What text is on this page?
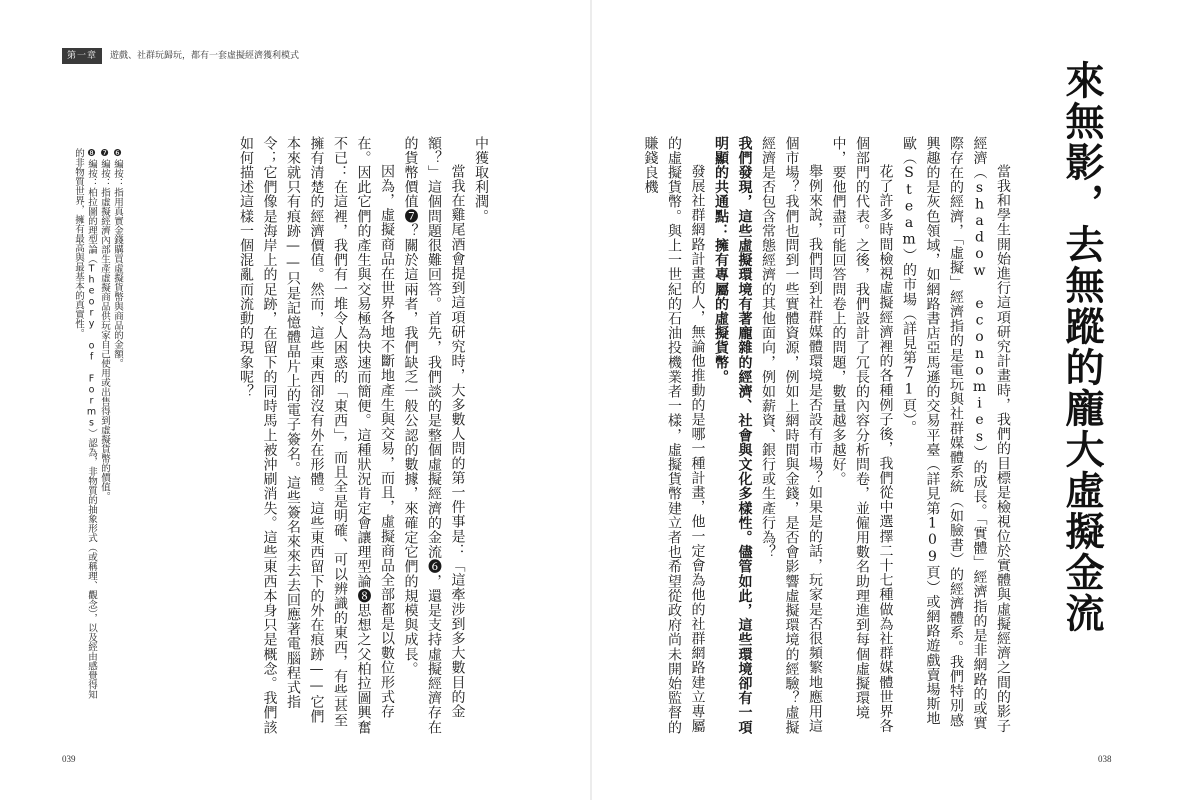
第一章	遊戲、社群玩歸玩，都有一套虛擬經濟獲利模式
來無影，去無蹤的龐大虛擬金流

當我和學生開始進行這項研究計畫時，我們的目標是檢視位於實體與虛擬經濟之間的影子經濟（shadow economies）的成長。「實體」經濟指的是非網路的或實際存在的經濟，「虛擬」經濟指的是電玩與社群媒體系統（如臉書）的經濟體系。我們特別感興趣的是灰色領域，如網路書店亞馬遜的交易平臺（詳見第109頁）或網路遊戲賣場斯地歐（Steam）的市場（詳見第71頁）。

花了許多時間檢視虛擬經濟裡的各種例子後，我們從中選擇二十七種做為社群媒體世界各個部門的代表。之後，我們設計了冗長的內容分析問卷，並僱用數名助理進到每個虛擬環境中，要他們盡可能回答問卷上的問題，數量越多越好。

舉例來說，我們問到社群媒體環境是否設有市場？如果是的話，玩家是否很頻繁地應用這個市場？我們也問到一些實體資源，例如上網時間與金錢，是否會影響虛擬環境的經驗？虛擬經濟是否包含常態經濟的其他面向，例如薪資、銀行或生產行為？

我們發現，這些虛擬環境有著龐雜的經濟、社會與文化多樣性。儘管如此，這些環境卻有一項明顯的共通點：擁有專屬的虛擬貨幣。

發展社群網路計畫的人，無論他推動的是哪一種計畫，他一定會為他的社群網路建立專屬的虛擬貨幣。與上一世紀的石油投機業者一樣，虛擬貨幣建立者也希望從政府尚未開始監督的賺錢良機

中獲取利潤。

當我在雞尾酒會提到這項研究時，大多數人問的第一件事是：「這牽涉到多大數目的金額？」這個問題很難回答。首先，我們談的是整個虛擬經濟的金流❻，還是支持虛擬經濟存在的貨幣價值❼？關於這兩者，我們缺乏一般公認的數據，來確定它們的規模與成長。

因為，虛擬商品在世界各地不斷地產生與交易，而且，虛擬商品全部都是以數位形式存在。因此它們的產生與交易極為快速而簡便。這種狀況肯定會讓理型論❽思想之父柏拉圖興奮不已：在這裡，我們有一堆令人困惑的「東西」，而且全是明確、可以辨識的東西，有些甚至擁有清楚的經濟價值。然而，這些東西卻沒有外在形體。這些東西留下的外在痕跡——它們本來就只有痕跡——只是記憶體晶片上的電子簽名。這些簽名來來去去回應著電腦程式指令；它們像是海岸上的足跡，在留下的同時馬上被沖刷消失。這些東西本身只是概念。我們該如何描述這樣一個混亂而流動的現象呢？

❻編按：指用真實金錢購買虛擬貨幣與商品的金額。

❼編按：指虛擬經濟內部生產虛擬商品供玩家自己使用或出售得到虛擬貨幣的價值。

❽編按：柏拉圖的理型論（Theory of Forms）認為，非物質的抽象形式（或稱理、觀念），以及經由感覺得知的非物質世界，擁有最高與最基本的真實性。

039	038
